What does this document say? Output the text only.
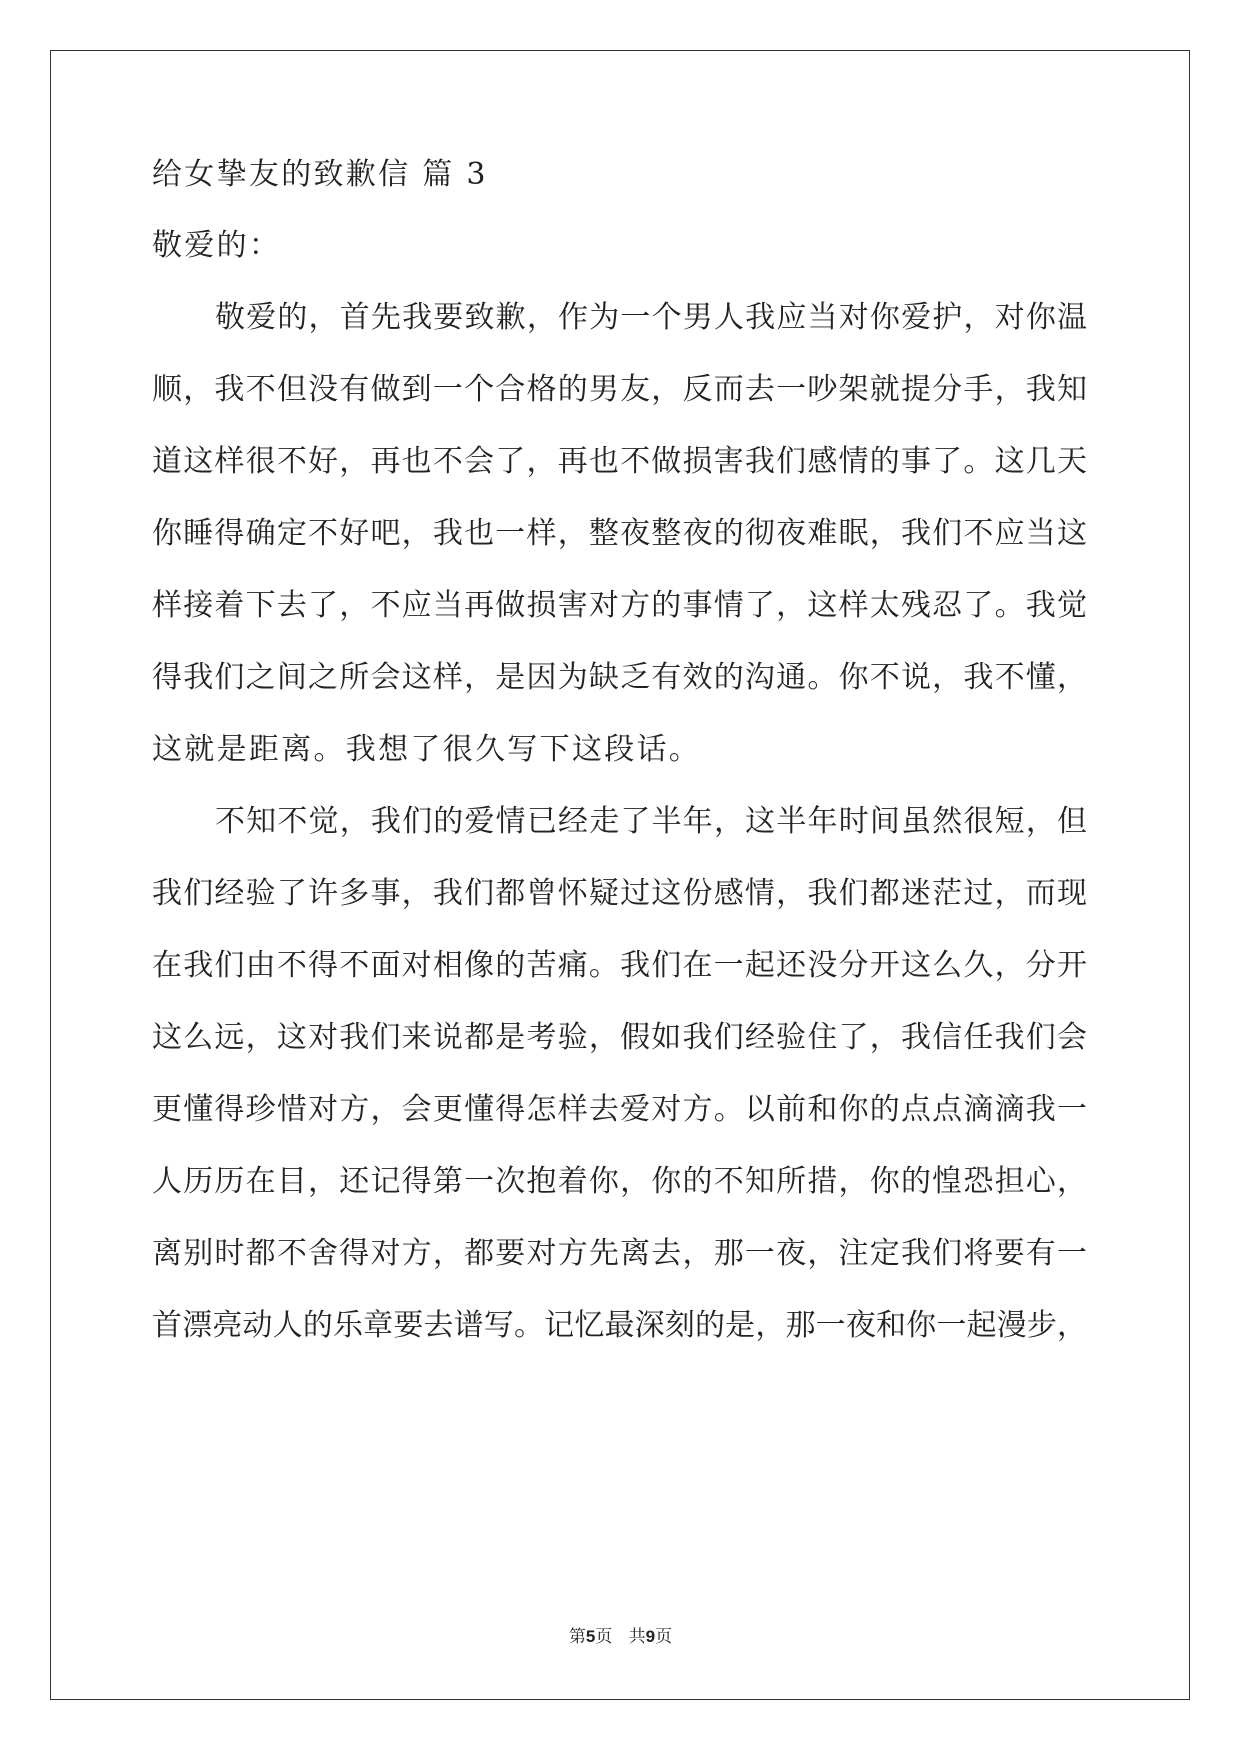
给女挚友的致歉信 篇 3
敬爱的：
敬爱的，首先我要致歉，作为一个男人我应当对你爱护，对你温
顺，我不但没有做到一个合格的男友，反而去一吵架就提分手，我知
道这样很不好，再也不会了，再也不做损害我们感情的事了。这几天
你睡得确定不好吧，我也一样，整夜整夜的彻夜难眠，我们不应当这
样接着下去了，不应当再做损害对方的事情了，这样太残忍了。我觉
得我们之间之所会这样，是因为缺乏有效的沟通。你不说，我不懂，
这就是距离。我想了很久写下这段话。
不知不觉，我们的爱情已经走了半年，这半年时间虽然很短，但
我们经验了许多事，我们都曾怀疑过这份感情，我们都迷茫过，而现
在我们由不得不面对相像的苦痛。我们在一起还没分开这么久，分开
这么远，这对我们来说都是考验，假如我们经验住了，我信任我们会
更懂得珍惜对方，会更懂得怎样去爱对方。以前和你的点点滴滴我一
人历历在目，还记得第一次抱着你，你的不知所措，你的惶恐担心，
离别时都不舍得对方，都要对方先离去，那一夜，注定我们将要有一
首漂亮动人的乐章要去谱写。记忆最深刻的是，那一夜和你一起漫步，
第5页 共9页
